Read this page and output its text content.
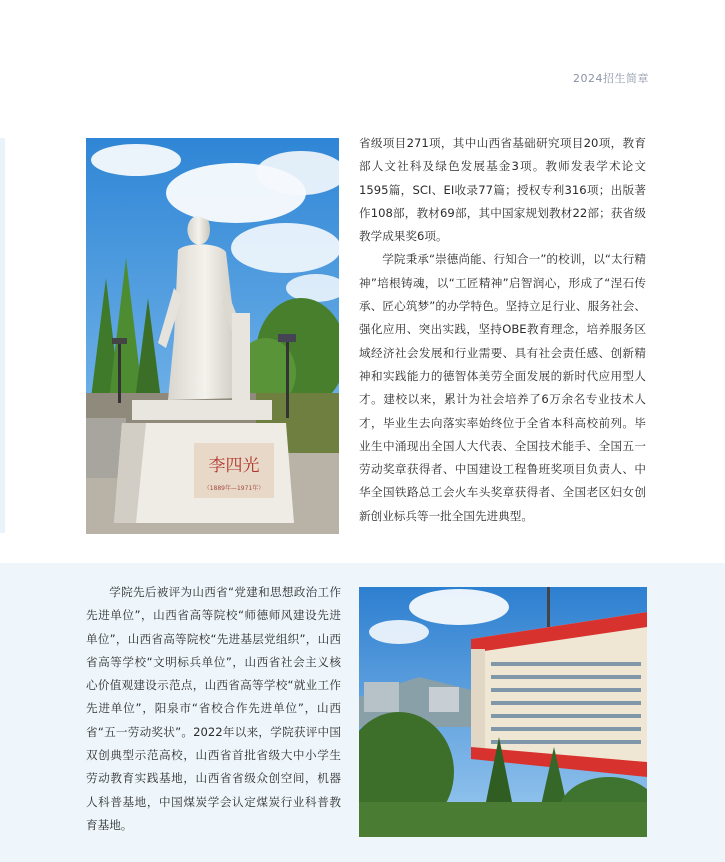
2024招生简章
李四光
（1889年—1971年）

省级项目271项，其中山西省基础研究项目20项，教育部人文社科及绿色发展基金3项。教师发表学术论文1595篇，SCI、EI收录77篇；授权专利316项；出版著作108部，教材69部，其中国家规划教材22部；获省级教学成果奖6项。

学院秉承“崇德尚能、行知合一”的校训，以“太行精神”培根铸魂，以“工匠精神”启智润心，形成了“涅石传承、匠心筑梦”的办学特色。坚持立足行业、服务社会、强化应用、突出实践，坚持OBE教育理念，培养服务区域经济社会发展和行业需要、具有社会责任感、创新精神和实践能力的德智体美劳全面发展的新时代应用型人才。建校以来，累计为社会培养了6万余名专业技术人才，毕业生去向落实率始终位于全省本科高校前列。毕业生中涌现出全国人大代表、全国技术能手、全国五一劳动奖章获得者、中国建设工程鲁班奖项目负责人、中华全国铁路总工会火车头奖章获得者、全国老区妇女创新创业标兵等一批全国先进典型。

学院先后被评为山西省“党建和思想政治工作先进单位”，山西省高等院校“师德师风建设先进单位”，山西省高等院校“先进基层党组织”，山西省高等学校“文明标兵单位”，山西省社会主义核心价值观建设示范点，山西省高等学校“就业工作先进单位”，阳泉市“省校合作先进单位”，山西省“五一劳动奖状”。2022年以来，学院获评中国双创典型示范高校，山西省首批省级大中小学生劳动教育实践基地，山西省省级众创空间，机器人科普基地，中国煤炭学会认定煤炭行业科普教育基地。
